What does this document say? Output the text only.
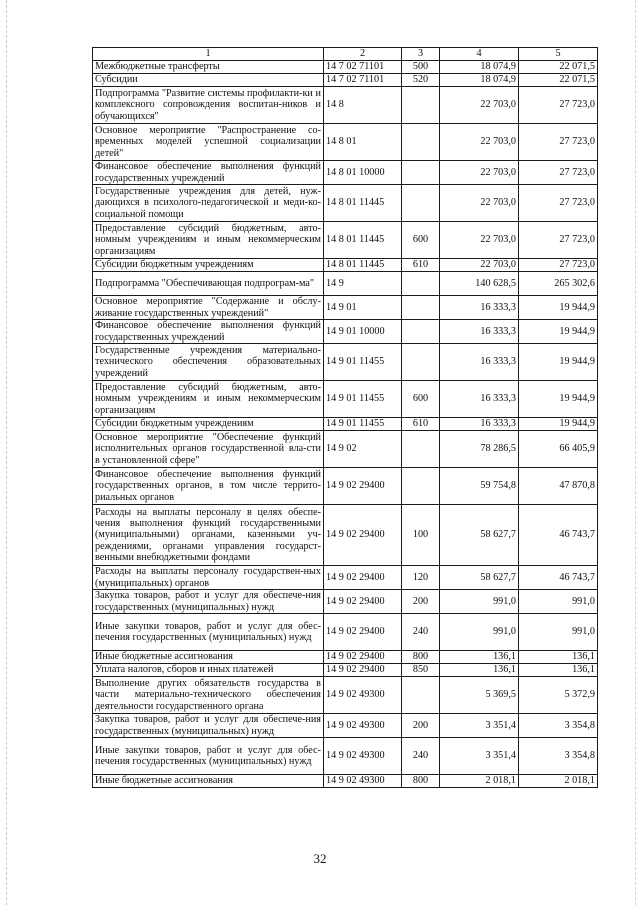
1	2	3	4	5
Межбюджетные трансферты	14 7 02 71101	500	18 074,9	22 071,5
Субсидии	14 7 02 71101	520	18 074,9	22 071,5
Подпрограмма "Развитие системы профилакти-ки и комплексного сопровождения воспитан-ников и обучающихся"	14 8		22 703,0	27 723,0
Основное мероприятие "Распространение со-временных моделей успешной социализации детей"	14 8 01		22 703,0	27 723,0
Финансовое обеспечение выполнения функций государственных учреждений	14 8 01 10000		22 703,0	27 723,0
Государственные учреждения для детей, нуж-дающихся в психолого-педагогической и меди-ко-социальной помощи	14 8 01 11445		22 703,0	27 723,0
Предоставление субсидий бюджетным, авто-номным учреждениям и иным некоммерческим организациям	14 8 01 11445	600	22 703,0	27 723,0
Субсидии бюджетным учреждениям	14 8 01 11445	610	22 703,0	27 723,0
Подпрограмма "Обеспечивающая подпрограм-ма"	14 9		140 628,5	265 302,6
Основное мероприятие "Содержание и обслу-живание государственных учреждений"	14 9 01		16 333,3	19 944,9
Финансовое обеспечение выполнения функций государственных учреждений	14 9 01 10000		16 333,3	19 944,9
Государственные учреждения материально-технического обеспечения образовательных учреждений	14 9 01 11455		16 333,3	19 944,9
Предоставление субсидий бюджетным, авто-номным учреждениям и иным некоммерческим организациям	14 9 01 11455	600	16 333,3	19 944,9
Субсидии бюджетным учреждениям	14 9 01 11455	610	16 333,3	19 944,9
Основное мероприятие "Обеспечение функций исполнительных органов государственной вла-сти в установленной сфере"	14 9 02		78 286,5	66 405,9
Финансовое обеспечение выполнения функций государственных органов, в том числе террито-риальных органов	14 9 02 29400		59 754,8	47 870,8
Расходы на выплаты персоналу в целях обеспе-чения выполнения функций государственными (муниципальными) органами, казенными уч-реждениями, органами управления государст-венными внебюджетными фондами	14 9 02 29400	100	58 627,7	46 743,7
Расходы на выплаты персоналу государствен-ных (муниципальных) органов	14 9 02 29400	120	58 627,7	46 743,7
Закупка товаров, работ и услуг для обеспече-ния государственных (муниципальных) нужд	14 9 02 29400	200	991,0	991,0
Иные закупки товаров, работ и услуг для обес-печения государственных (муниципальных) нужд	14 9 02 29400	240	991,0	991,0
Иные бюджетные ассигнования	14 9 02 29400	800	136,1	136,1
Уплата налогов, сборов и иных платежей	14 9 02 29400	850	136,1	136,1
Выполнение других обязательств государства в части материально-технического обеспечения деятельности государственного органа	14 9 02 49300		5 369,5	5 372,9
Закупка товаров, работ и услуг для обеспече-ния государственных (муниципальных) нужд	14 9 02 49300	200	3 351,4	3 354,8
Иные закупки товаров, работ и услуг для обес-печения государственных (муниципальных) нужд	14 9 02 49300	240	3 351,4	3 354,8
Иные бюджетные ассигнования	14 9 02 49300	800	2 018,1	2 018,1
32
